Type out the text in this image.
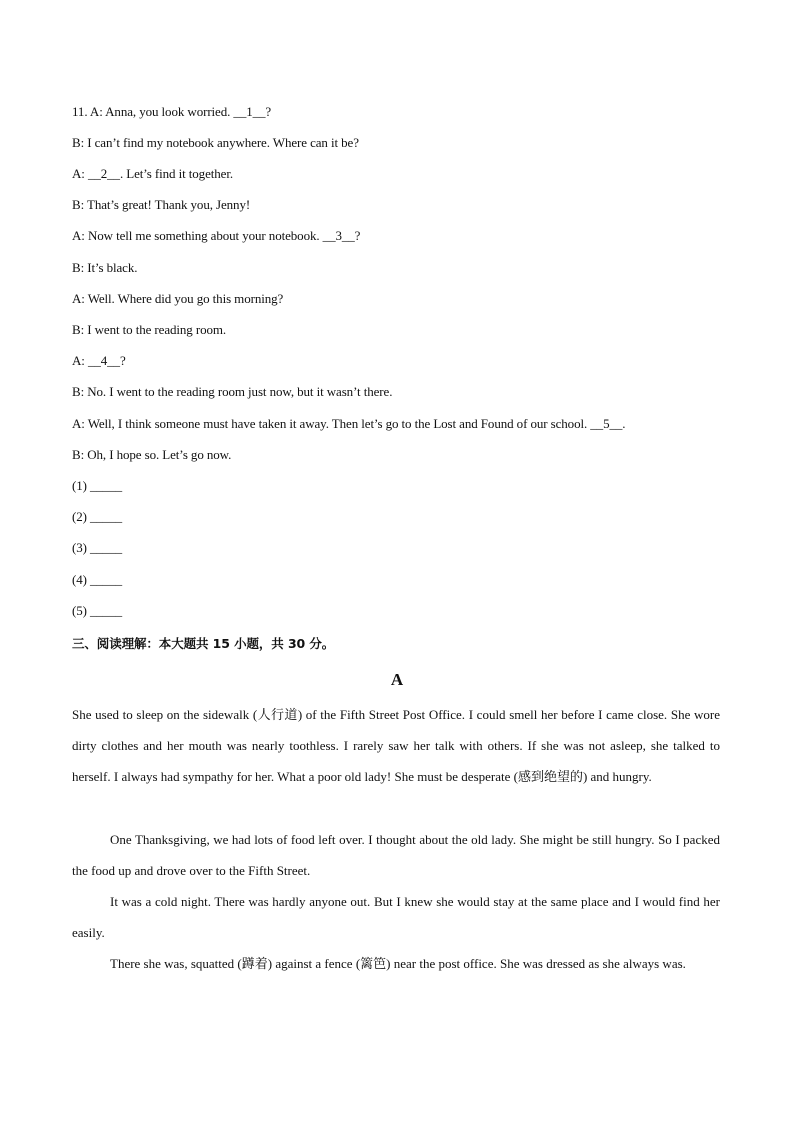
11. A: Anna, you look worried. __1__?
B: I can’t find my notebook anywhere. Where can it be?
A: __2__. Let’s find it together.
B: That’s great! Thank you, Jenny!
A: Now tell me something about your notebook. __3__?
B: It’s black.
A: Well. Where did you go this morning?
B: I went to the reading room.
A: __4__?
B: No. I went to the reading room just now, but it wasn’t there.
A: Well, I think someone must have taken it away. Then let’s go to the Lost and Found of our school. __5__.
B: Oh, I hope so. Let’s go now.
(1) _____
(2) _____
(3) _____
(4) _____
(5) _____
三、阅读理解：本大题共 15 小题，共 30 分。
A
She used to sleep on the sidewalk (人行道) of the Fifth Street Post Office. I could smell her before I came close. She wore dirty clothes and her mouth was nearly toothless. I rarely saw her talk with others. If she was not asleep, she talked to herself. I always had sympathy for her. What a poor old lady! She must be desperate (感到绝望的) and hungry.
One Thanksgiving, we had lots of food left over. I thought about the old lady. She might be still hungry. So I packed the food up and drove over to the Fifth Street.
It was a cold night. There was hardly anyone out. But I knew she would stay at the same place and I would find her easily.
There she was, squatted (蹲着) against a fence (篱笆) near the post office. She was dressed as she always was.
